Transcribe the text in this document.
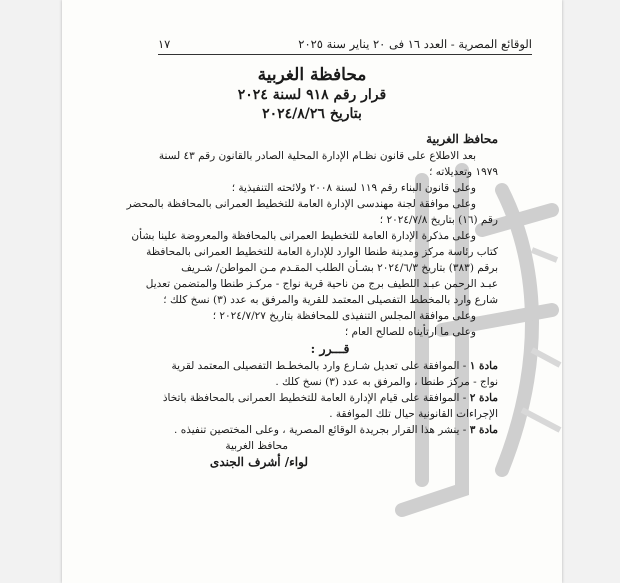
الوقائع المصرية - العدد ١٦ فى ٢٠ يناير سنة ٢٠٢٥
١٧
محافظة الغربية
قرار رقم ٩١٨ لسنة ٢٠٢٤
بتاريخ ٢٠٢٤/٨/٢٦
محافظ الغربية
بعد الاطلاع على قانون نظـام الإدارة المحلية الصادر بالقانون رقم ٤٣ لسنة
١٩٧٩ وتعديلاته ؛
وعلى قانون البناء رقم ١١٩ لسنة ٢٠٠٨ ولائحته التنفيذية ؛
وعلى موافقة لجنة مهندسى الإدارة العامة للتخطيط العمرانى بالمحافظة بالمحضر
رقم (١٦) بتاريخ ٢٠٢٤/٧/٨ ؛
وعلى مذكرة الإدارة العامة للتخطيط العمرانى بالمحافظة والمعروضة علينا بشأن
كتاب رئاسة مركز ومدينة طنطا الوارد للإدارة العامة للتخطيط العمرانى بالمحافظة
برقم (٣٨٣) بتاريخ ٢٠٢٤/٦/٣ بشـأن الطلب المقـدم مـن المواطن/ شـريف
عبـد الرحمن عبـد اللطيف برج من ناحية قرية نواج - مركـز طنطا والمتضمن تعديل
شارع وارد بالمخطط التفصيلى المعتمد للقرية والمرفق به عدد (٣) نسخ كلك ؛
وعلى موافقة المجلس التنفيذى للمحافظة بتاريخ ٢٠٢٤/٧/٢٧ ؛
وعلى ما ارتأيناه للصالح العام ؛
قـــرر :
مادة ١ - الموافقة على تعديل شـارع وارد بالمخطـط التفصيلى المعتمد لقرية
نواج - مركز طنطا ، والمرفق به عدد (٣) نسخ كلك .
مادة ٢ - الموافقة على قيام الإدارة العامة للتخطيط العمرانى بالمحافظة باتخاذ
الإجراءات القانونية حيال تلك الموافقة .
مادة ٣ - ينشر هذا القرار بجريدة الوقائع المصرية ، وعلى المختصين تنفيذه .
محافظ الغربية
لواء/ أشرف الجندى
